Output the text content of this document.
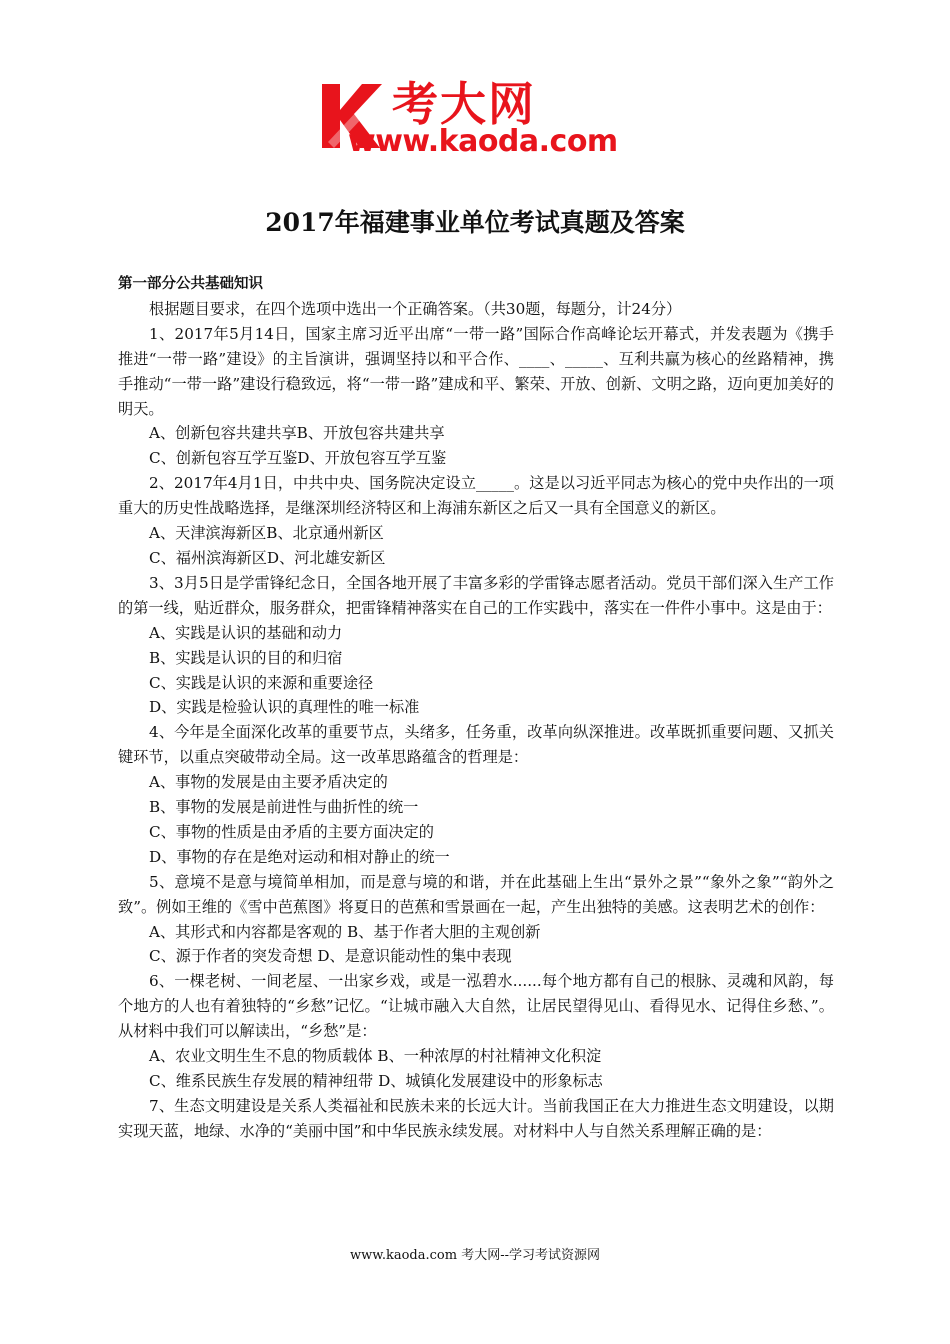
考大网
www.kaoda.com
2017年福建事业单位考试真题及答案

第一部分公共基础知识

根据题目要求，在四个选项中选出一个正确答案。（共30题，每题分，计24分）

1、2017年5月14日，国家主席习近平出席“一带一路”国际合作高峰论坛开幕式，并发表题为《携手推进“一带一路”建设》的主旨演讲，强调坚持以和平合作、____、_____、互利共赢为核心的丝路精神，携手推动“一带一路”建设行稳致远，将“一带一路”建成和平、繁荣、开放、创新、文明之路，迈向更加美好的明天。

A、创新包容共建共享B、开放包容共建共享

C、创新包容互学互鉴D、开放包容互学互鉴

2、2017年4月1日，中共中央、国务院决定设立_____。这是以习近平同志为核心的党中央作出的一项重大的历史性战略选择，是继深圳经济特区和上海浦东新区之后又一具有全国意义的新区。

A、天津滨海新区B、北京通州新区

C、福州滨海新区D、河北雄安新区

3、3月5日是学雷锋纪念日，全国各地开展了丰富多彩的学雷锋志愿者活动。党员干部们深入生产工作的第一线，贴近群众，服务群众，把雷锋精神落实在自己的工作实践中，落实在一件件小事中。这是由于：

A、实践是认识的基础和动力

B、实践是认识的目的和归宿

C、实践是认识的来源和重要途径

D、实践是检验认识的真理性的唯一标准

4、今年是全面深化改革的重要节点，头绪多，任务重，改革向纵深推进。改革既抓重要问题、又抓关键环节，以重点突破带动全局。这一改革思路蕴含的哲理是：

A、事物的发展是由主要矛盾决定的

B、事物的发展是前进性与曲折性的统一

C、事物的性质是由矛盾的主要方面决定的

D、事物的存在是绝对运动和相对静止的统一

5、意境不是意与境简单相加，而是意与境的和谐，并在此基础上生出“景外之景”“象外之象”“韵外之致”。例如王维的《雪中芭蕉图》将夏日的芭蕉和雪景画在一起，产生出独特的美感。这表明艺术的创作：

A、其形式和内容都是客观的 B、基于作者大胆的主观创新

C、源于作者的突发奇想 D、是意识能动性的集中表现

6、一棵老树、一间老屋、一出家乡戏，或是一泓碧水......每个地方都有自己的根脉、灵魂和风韵，每个地方的人也有着独特的“乡愁”记忆。“让城市融入大自然，让居民望得见山、看得见水、记得住乡愁、”。从材料中我们可以解读出，“乡愁”是：

A、农业文明生生不息的物质载体 B、一种浓厚的村社精神文化积淀

C、维系民族生存发展的精神纽带 D、城镇化发展建设中的形象标志

7、生态文明建设是关系人类福祉和民族未来的长远大计。当前我国正在大力推进生态文明建设，以期实现天蓝，地绿、水净的“美丽中国”和中华民族永续发展。对材料中人与自然关系理解正确的是：

www.kaoda.com 考大网--学习考试资源网
